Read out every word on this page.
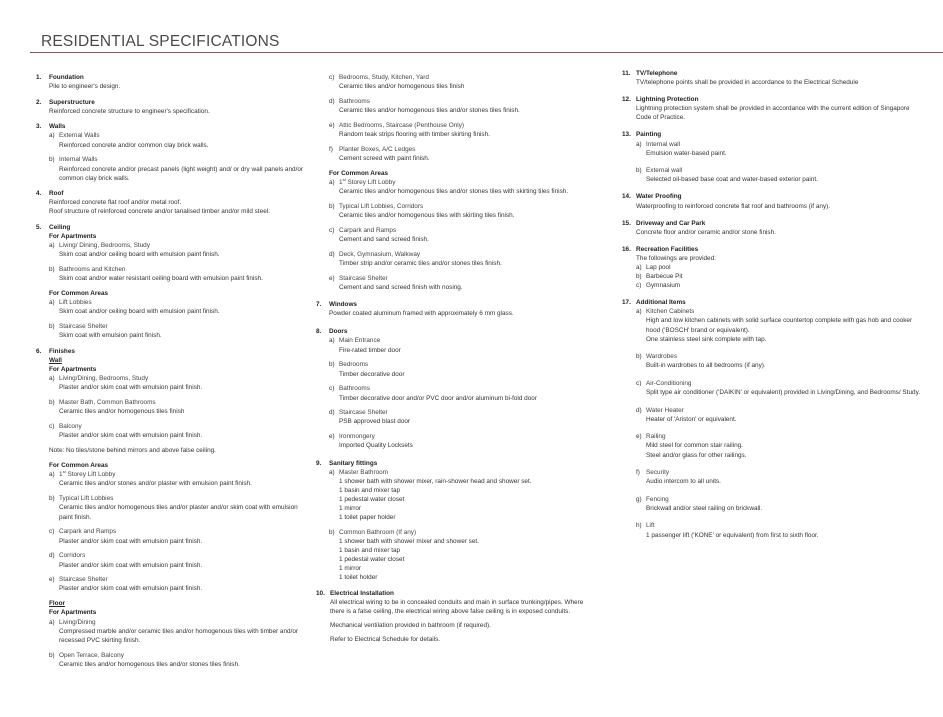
RESIDENTIAL SPECIFICATIONS
1. Foundation
Pile to engineer's design.
2. Superstructure
Reinforced concrete structure to engineer's specification.
3. Walls
a) External Walls
Reinforced concrete and/or common clay brick walls.
b) Internal Walls
Reinforced concrete and/or precast panels (light weight) and/ or dry wall panels and/or common clay brick walls.
4. Roof
Reinforced concrete flat roof and/or metal roof.
Roof structure of reinforced concrete and/or tanalised timber and/or mild steel.
5. Ceiling
For Apartments
a) Living/ Dining, Bedrooms, Study
Skim coat and/or ceiling board with emulsion paint finish.
b) Bathrooms and Kitchen
Skim coat and/or water resistant ceiling board with emulsion paint finish.
For Common Areas
a) Lift Lobbies
Skim coat and/or ceiling board with emulsion paint finish.
b) Staircase Shelter
Skim coat with emulsion paint finish.
6. Finishes
Wall
For Apartments
a) Living/Dining, Bedrooms, Study
Plaster and/or skim coat with emulsion paint finish.
b) Master Bath, Common Bathrooms
Ceramic tiles and/or homogenous tiles finish
c) Balcony
Plaster and/or skim coat with emulsion paint finish.
Note: No tiles/stone behind mirrors and above false ceiling.
For Common Areas
a) 1st Storey Lift Lobby
Ceramic tiles and/or stones and/or plaster with emulsion paint finish.
b) Typical Lift Lobbies
Ceramic tiles and/or homogenous tiles and/or plaster and/or skim coat with emulsion paint finish.
c) Carpark and Ramps
Plaster and/or skim coat with emulsion paint finish.
d) Corridors
Plaster and/or skim coat with emulsion paint finish.
e) Staircase Shelter
Plaster and/or skim coat with emulsion paint finish.
Floor
For Apartments
a) Living/Dining
Compressed marble and/or ceramic tiles and/or homogenous tiles with timber and/or recessed PVC skirting finish.
b) Open Terrace, Balcony
Ceramic tiles and/or homogenous tiles and/or stones tiles finish.
c) Bedrooms, Study, Kitchen, Yard
Ceramic tiles and/or homogenous tiles finish
d) Bathrooms
Ceramic tiles and/or homogenous tiles and/or stones tiles finish.
e) Attic Bedrooms, Staircase (Penthouse Only)
Random teak strips flooring with timber skirting finish.
f) Planter Boxes, A/C Ledges
Cement screed with paint finish.
For Common Areas
a) 1st Storey Lift Lobby
Ceramic tiles and/or homogenous tiles and/or stones tiles with skirting tiles finish.
b) Typical Lift Lobbies, Corridors
Ceramic tiles and/or homogenous tiles with skirting tiles finish.
c) Carpark and Ramps
Cement and sand screed finish.
d) Deck, Gymnasium, Walkway
Timber strip and/or ceramic tiles and/or stones tiles finish.
e) Staircase Shelter
Cement and sand screed finish with nosing.
7. Windows
Powder coated aluminum framed with approximately 6 mm glass.
8. Doors
a) Main Entrance
Fire-rated timber door
b) Bedrooms
Timber decorative door
c) Bathrooms
Timber decorative door and/or PVC door and/or aluminum bi-fold door
d) Staircase Shelter
PSB approved blast door
e) Ironmongery
Imported Quality Locksets
9. Sanitary fittings
a) Master Bathroom
1 shower bath with shower mixer, rain-shower head and shower set.
1 basin and mixer tap
1 pedestal water closet
1 mirror
1 toilet paper holder
b) Common Bathroom (If any)
1 shower bath with shower mixer and shower set.
1 basin and mixer tap
1 pedestal water closet
1 mirror
1 toilet holder
10. Electrical Installation
All electrical wiring to be in concealed conduits and main in surface trunking/pipes. Where there is a false ceiling, the electrical wiring above false ceiling is in exposed conduits.
Mechanical ventilation provided in bathroom (if required).
Refer to Electrical Schedule for details.
11. TV/Telephone
TV/telephone points shall be provided in accordance to the Electrical Schedule
12. Lightning Protection
Lightning protection system shall be provided in accordance with the current edition of Singapore Code of Practice.
13. Painting
a) Internal wall
Emulsion water-based paint.
b) External wall
Selected oil-based base coat and water-based exterior paint.
14. Water Proofing
Waterproofing to reinforced concrete flat roof and bathrooms (if any).
15. Driveway and Car Park
Concrete floor and/or ceramic and/or stone finish.
16. Recreation Facilities
The followings are provided:
a) Lap pool
b) Barbecue Pit
c) Gymnasium
17. Additional Items
a) Kitchen Cabinets
High and low kitchen cabinets with solid surface countertop complete with gas hob and cooker hood ('BOSCH' brand or equivalent).
One stainless steel sink complete with tap.
b) Wardrobes
Built-in wardrobes to all bedrooms (if any).
c) Air-Conditioning
Split type air conditioner ('DAIKIN' or equivalent) provided in Living/Dining, and Bedrooms/ Study.
d) Water Heater
Heater of 'Ariston' or equivalent.
e) Railing
Mild steel for common stair railing.
Steel and/or glass for other railings.
f) Security
Audio intercom to all units.
g) Fencing
Brickwall and/or steel railing on brickwall.
h) Lift
1 passenger lift ('KONE' or equivalent) from first to sixth floor.
